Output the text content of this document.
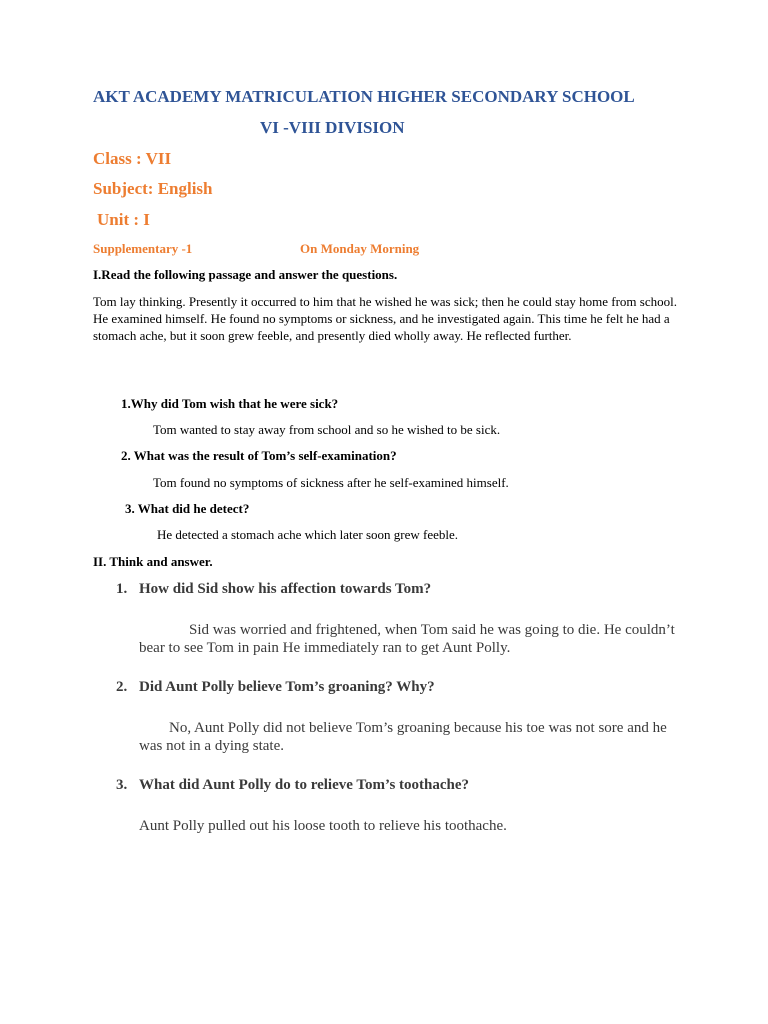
AKT ACADEMY MATRICULATION HIGHER SECONDARY SCHOOL
VI -VIII DIVISION
Class : VII
Subject: English
Unit : I
Supplementary -1	On Monday Morning
I.Read the following passage and answer the questions.
Tom lay thinking. Presently it occurred to him that he wished he was sick; then he could stay home from school. He examined himself. He found no symptoms or sickness, and he investigated again. This time he felt he had a stomach ache, but it soon grew feeble, and presently died wholly away. He reflected further.
1.Why did Tom wish that he were sick?
Tom wanted to stay away from school and so he wished to be sick.
2. What was the result of Tom’s self-examination?
Tom found no symptoms of sickness after he self-examined himself.
3. What did he detect?
He detected a stomach ache which later soon grew feeble.
II. Think and answer.
1. How did Sid show his affection towards Tom?
Sid was worried and frightened, when Tom said he was going to die. He couldn’t bear to see Tom in pain He immediately ran to get Aunt Polly.
2. Did Aunt Polly believe Tom’s groaning? Why?
No, Aunt Polly did not believe Tom’s groaning because his toe was not sore and he was not in a dying state.
3. What did Aunt Polly do to relieve Tom’s toothache?
Aunt Polly pulled out his loose tooth to relieve his toothache.
